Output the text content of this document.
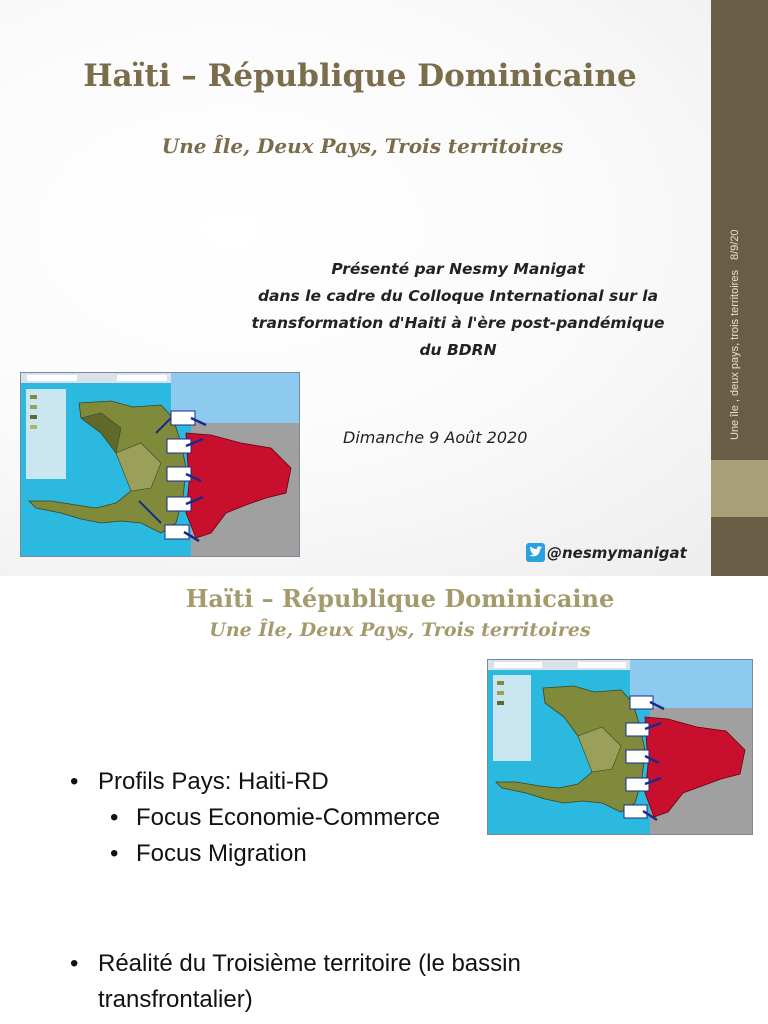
Une île , deux pays, trois territoires8/9/20
Haïti – République Dominicaine
Une Île, Deux Pays, Trois territoires
Présenté par Nesmy Manigat
dans le cadre du Colloque International sur la
transformation d'Haiti à l'ère post-pandémique
du BDRN
Dimanche 9 Août 2020
@nesmymanigat
Haïti – République Dominicaine
Une Île, Deux Pays, Trois territoires
• Profils Pays: Haiti-RD
• Focus Economie-Commerce
• Focus Migration
• Réalité du Troisième territoire (le bassin transfrontalier)
